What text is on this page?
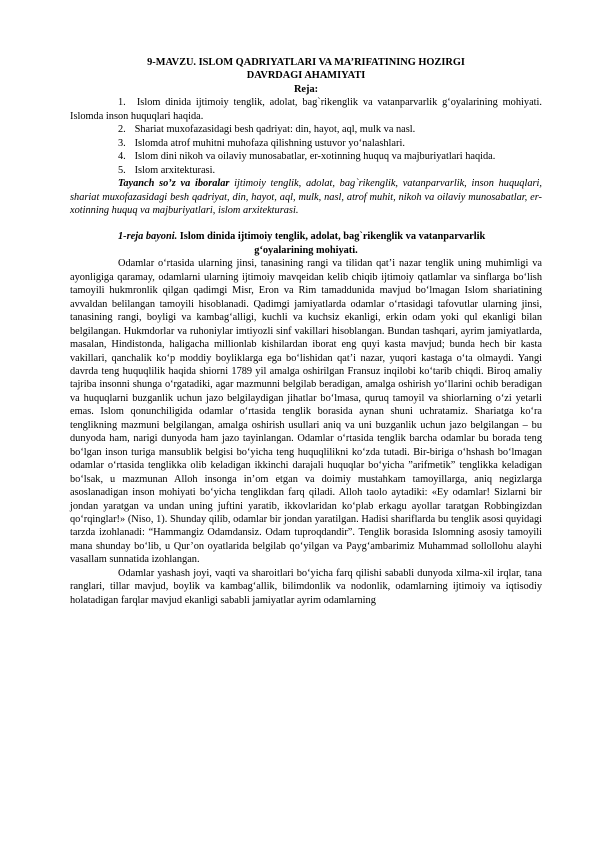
9-MAVZU. ISLOM QADRIYATLARI VA MA’RIFATINING HOZIRGI

DAVRDAGI AHAMIYATI

Reja:

1. Islom dinida ijtimoiy tenglik, adolat, bag`rikenglik va vatanparvarlik g‘oyalarining mohiyati. Islomda inson huquqlari haqida.

2. Shariat muxofazasidagi besh qadriyat: din, hayot, aql, mulk va nasl.

3. Islomda atrof muhitni muhofaza qilishning ustuvor yo‘nalashlari.

4. Islom dini nikoh va oilaviy munosabatlar, er-xotinning huquq va majburiyatlari haqida.

5. Islom arxitekturasi.

Tayanch so’z va iboralar ijtimoiy tenglik, adolat, bag`rikenglik, vatanparvarlik, inson huquqlari, shariat muxofazasidagi besh qadriyat, din, hayot, aql, mulk, nasl, atrof muhit, nikoh va oilaviy munosabatlar, er-xotinning huquq va majburiyatlari, islom arxitekturasi.

1-reja bayoni. Islom dinida ijtimoiy tenglik, adolat, bag`rikenglik va vatanparvarlik

g‘oyalarining mohiyati.

Odamlar o‘rtasida ularning jinsi, tanasining rangi va tilidan qat’i nazar tenglik uning muhimligi va ayonligiga qaramay, odamlarni ularning ijtimoiy mavqeidan kelib chiqib ijtimoiy qatlamlar va sinflarga bo‘lish tamoyili hukmronlik qilgan qadimgi Misr, Eron va Rim tamaddunida mavjud bo‘lmagan Islom shariatining avvaldan belilangan tamoyili hisoblanadi. Qadimgi jamiyatlarda odamlar o‘rtasidagi tafovutlar ularning jinsi, tanasining rangi, boyligi va kambag‘alligi, kuchli va kuchsiz ekanligi, erkin odam yoki qul ekanligi bilan belgilangan. Hukmdorlar va ruhoniylar imtiyozli sinf vakillari hisoblangan. Bundan tashqari, ayrim jamiyatlarda, masalan, Hindistonda, haligacha millionlab kishilardan iborat eng quyi kasta mavjud; bunda hech bir kasta vakillari, qanchalik ko‘p moddiy boyliklarga ega bo‘lishidan qat’i nazar, yuqori kastaga o‘ta olmaydi. Yangi davrda teng huquqlilik haqida shiorni 1789 yil amalga oshirilgan Fransuz inqilobi ko‘tarib chiqdi. Biroq amaliy tajriba insonni shunga o‘rgatadiki, agar mazmunni belgilab beradigan, amalga oshirish yo‘llarini ochib beradigan va huquqlarni buzganlik uchun jazo belgilaydigan jihatlar bo‘lmasa, quruq tamoyil va shiorlarning o‘zi yetarli emas. Islom qonunchiligida odamlar o‘rtasida tenglik borasida aynan shuni uchratamiz. Shariatga ko‘ra tenglikning mazmuni belgilangan, amalga oshirish usullari aniq va uni buzganlik uchun jazo belgilangan – bu dunyoda ham, narigi dunyoda ham jazo tayinlangan. Odamlar o‘rtasida tenglik barcha odamlar bu borada teng bo‘lgan inson turiga mansublik belgisi bo‘yicha teng huquqlilikni ko‘zda tutadi. Bir-biriga o‘hshash bo‘lmagan odamlar o‘rtasida tenglikka olib keladigan ikkinchi darajali huquqlar bo‘yicha ”arifmetik” tenglikka keladigan bo‘lsak, u mazmunan Alloh insonga in’om etgan va doimiy mustahkam tamoyillarga, aniq negizlarga asoslanadigan inson mohiyati bo‘yicha tenglikdan farq qiladi. Alloh taolo aytadiki: «Ey odamlar! Sizlarni bir jondan yaratgan va undan uning juftini yaratib, ikkovlaridan ko‘plab erkagu ayollar taratgan Robbingizdan qo‘rqinglar!» (Niso, 1). Shunday qilib, odamlar bir jondan yaratilgan. Hadisi shariflarda bu tenglik asosi quyidagi tarzda izohlanadi: “Hammangiz Odamdansiz. Odam tuproqdandir”. Tenglik borasida Islomning asosiy tamoyili mana shunday bo‘lib, u Qur’on oyatlarida belgilab qo‘yilgan va Payg‘ambarimiz Muhammad sollollohu alayhi vasallam sunnatida izohlangan.

Odamlar yashash joyi, vaqti va sharoitlari bo‘yicha farq qilishi sababli dunyoda xilma-xil irqlar, tana ranglari, tillar mavjud, boylik va kambag‘allik, bilimdonlik va nodonlik, odamlarning ijtimoiy va iqtisodiy holatadigan farqlar mavjud ekanligi sababli jamiyatlar ayrim odamlarning
